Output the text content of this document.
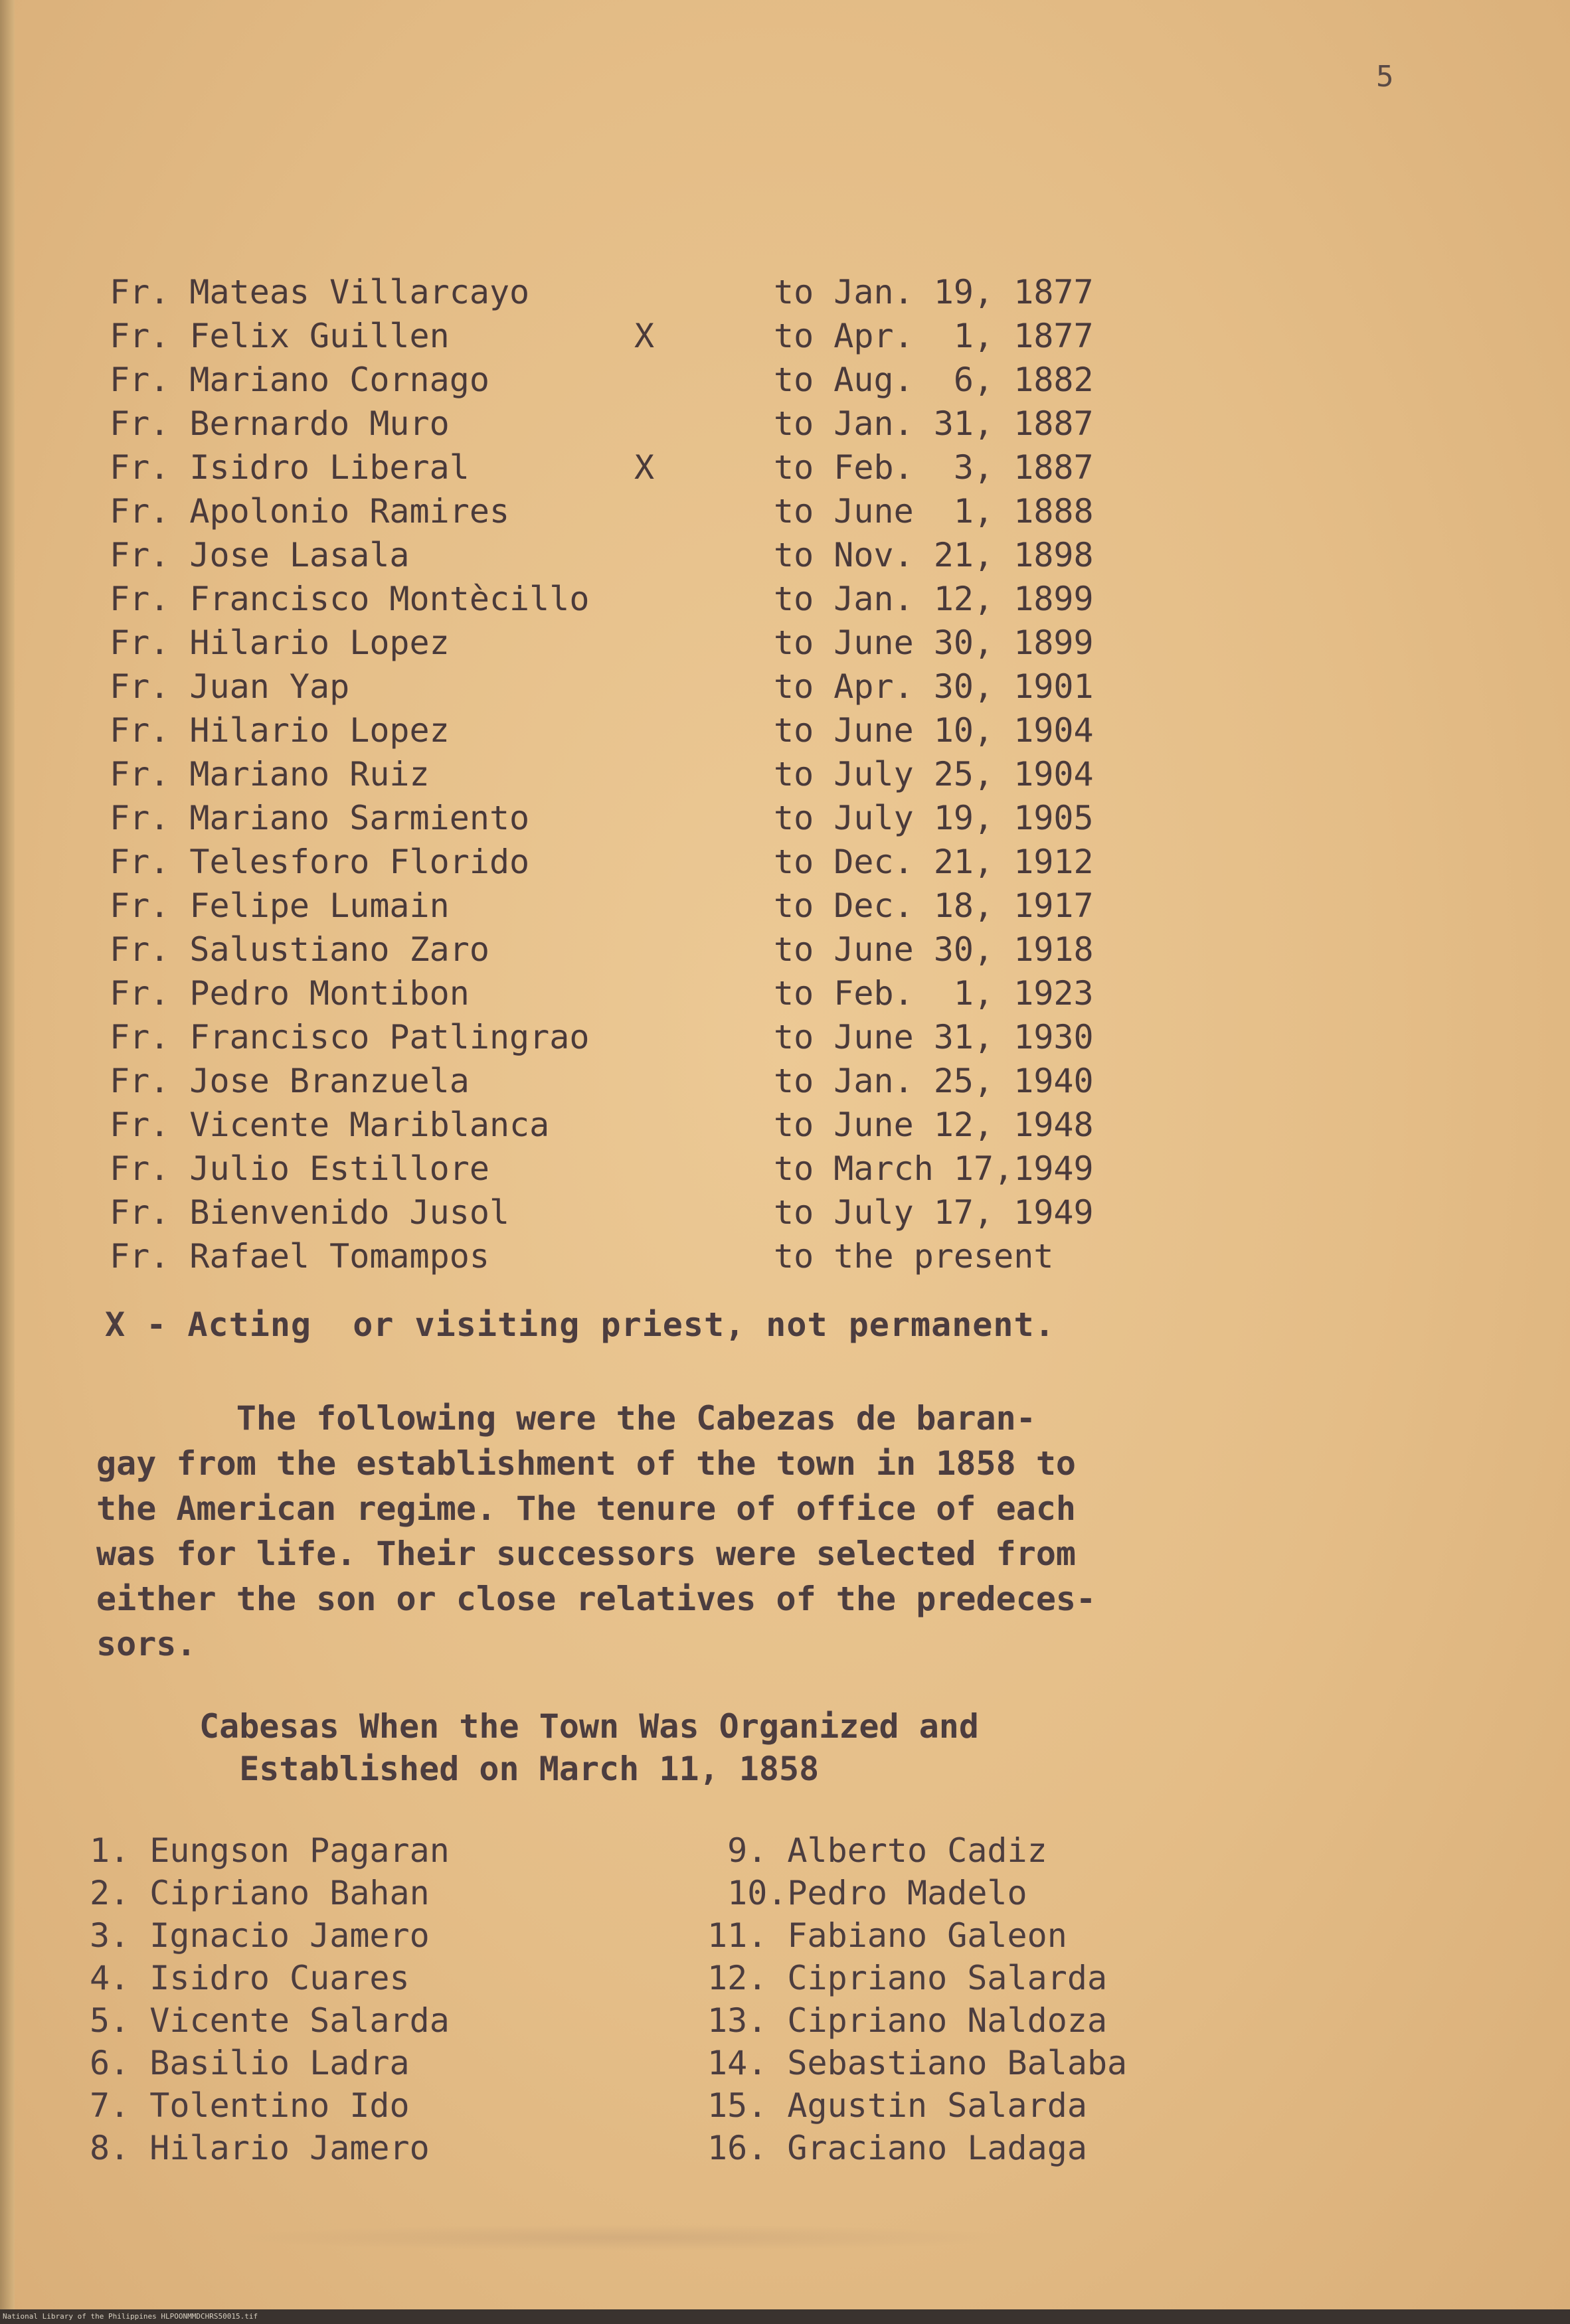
5
Fr. Mateas Villarcayo	to Jan. 19, 1877
Fr. Felix Guillen	X	to Apr.  1, 1877
Fr. Mariano Cornago	to Aug.  6, 1882
Fr. Bernardo Muro	to Jan. 31, 1887
Fr. Isidro Liberal	X	to Feb.  3, 1887
Fr. Apolonio Ramires	to June  1, 1888
Fr. Jose Lasala	to Nov. 21, 1898
Fr. Francisco Montècillo	to Jan. 12, 1899
Fr. Hilario Lopez	to June 30, 1899
Fr. Juan Yap	to Apr. 30, 1901
Fr. Hilario Lopez	to June 10, 1904
Fr. Mariano Ruiz	to July 25, 1904
Fr. Mariano Sarmiento	to July 19, 1905
Fr. Telesforo Florido	to Dec. 21, 1912
Fr. Felipe Lumain	to Dec. 18, 1917
Fr. Salustiano Zaro	to June 30, 1918
Fr. Pedro Montibon	to Feb.  1, 1923
Fr. Francisco Patlingrao	to June 31, 1930
Fr. Jose Branzuela	to Jan. 25, 1940
Fr. Vicente Mariblanca	to June 12, 1948
Fr. Julio Estillore	to March 17,1949
Fr. Bienvenido Jusol	to July 17, 1949
Fr. Rafael Tomampos	to the present
X - Acting  or visiting priest, not permanent.
The following were the Cabezas de baran-
gay from the establishment of the town in 1858 to
the American regime. The tenure of office of each
was for life. Their successors were selected from
either the son or close relatives of the predeces-
sors.
Cabesas When the Town Was Organized and
Established on March 11, 1858
1. Eungson Pagaran
2. Cipriano Bahan
3. Ignacio Jamero
4. Isidro Cuares
5. Vicente Salarda
6. Basilio Ladra
7. Tolentino Ido
8. Hilario Jamero
9. Alberto Cadiz
10.Pedro Madelo
11. Fabiano Galeon
12. Cipriano Salarda
13. Cipriano Naldoza
14. Sebastiano Balaba
15. Agustin Salarda
16. Graciano Ladaga
National Library of the Philippines HLPOONMMDCHRS50015.tif
